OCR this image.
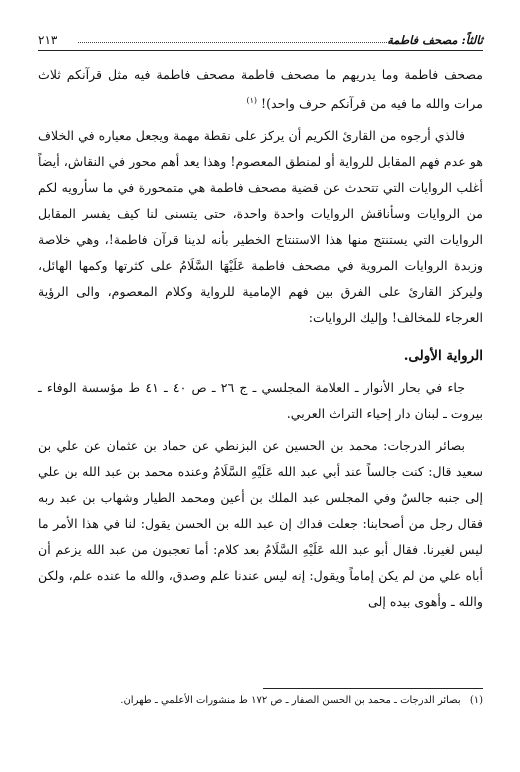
ثالثاً: مصحف فاطمة
٢١٣

مصحف فاطمة وما يدريهم ما مصحف فاطمة مصحف فاطمة فيه مثل قرآنكم ثلاث مرات والله ما فيه من قرآنكم حرف واحد)! $^{(١)}$

فالذي أرجوه من القارئ الكريم أن يركز على نقطة مهمة ويجعل معياره في الخلاف هو عدم فهم المقابل للرواية أو لمنطق المعصوم! وهذا يعد أهم محور في النقاش، أيضاً أغلب الروايات التي تتحدث عن قضية مصحف فاطمة هي متمحورة في ما سأرويه لكم من الروايات وسأناقش الروايات واحدة واحدة، حتى يتسنى لنا كيف يفسر المقابل الروايات التي يستنتج منها هذا الاستنتاج الخطير بأنه لدينا قرآن فاطمة!، وهي خلاصة وزبدة الروايات المروية في مصحف فاطمة عَلَيْهَا السَّلَامُ على كثرتها وكمها الهائل، وليركز القارئ على الفرق بين فهم الإمامية للرواية وكلام المعصوم، والى الرؤية العرجاء للمخالف! وإليك الروايات:

الرواية الأولى.

جاء في بحار الأنوار ـ العلامة المجلسي ـ ج ٢٦ ـ ص ٤٠ ـ ٤١ ط مؤسسة الوفاء ـ بيروت ـ لبنان دار إحياء التراث العربي.

بصائر الدرجات: محمد بن الحسين عن البزنطي عن حماد بن عثمان عن علي بن سعيد قال: كنت جالساً عند أبي عبد الله عَلَيْهِ السَّلَامُ وعنده محمد بن عبد الله بن علي إلى جنبه جالسٌ وفي المجلس عبد الملك بن أعين ومحمد الطيار وشهاب بن عبد ربه فقال رجل من أصحابنا: جعلت فداك إن عبد الله بن الحسن يقول: لنا في هذا الأمر ما ليس لغيرنا. فقال أبو عبد الله عَلَيْهِ السَّلَامُ بعد كلام: أما تعجبون من عبد الله يزعم أن أباه علي من لم يكن إماماً ويقول: إنه ليس عندنا علم وصدق، والله ما عنده علم، ولكن والله ـ وأهوى بيده إلى

(١) بصائر الدرجات ـ محمد بن الحسن الصفار ـ ص ١٧٢ ط منشورات الأعلمي ـ طهران.
